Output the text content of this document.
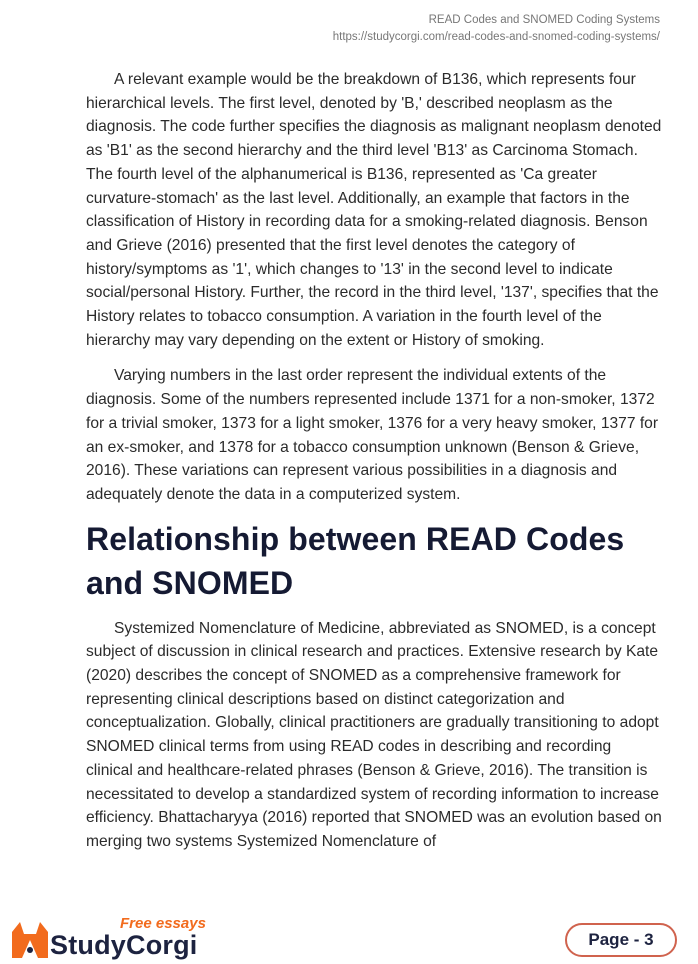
READ Codes and SNOMED Coding Systems
https://studycorgi.com/read-codes-and-snomed-coding-systems/

A relevant example would be the breakdown of B136, which represents four hierarchical levels. The first level, denoted by 'B,' described neoplasm as the diagnosis. The code further specifies the diagnosis as malignant neoplasm denoted as 'B1' as the second hierarchy and the third level 'B13' as Carcinoma Stomach. The fourth level of the alphanumerical is B136, represented as 'Ca greater curvature-stomach' as the last level. Additionally, an example that factors in the classification of History in recording data for a smoking-related diagnosis. Benson and Grieve (2016) presented that the first level denotes the category of history/symptoms as '1', which changes to '13' in the second level to indicate social/personal History. Further, the record in the third level, '137', specifies that the History relates to tobacco consumption. A variation in the fourth level of the hierarchy may vary depending on the extent or History of smoking.

Varying numbers in the last order represent the individual extents of the diagnosis. Some of the numbers represented include 1371 for a non-smoker, 1372 for a trivial smoker, 1373 for a light smoker, 1376 for a very heavy smoker, 1377 for an ex-smoker, and 1378 for a tobacco consumption unknown (Benson & Grieve, 2016). These variations can represent various possibilities in a diagnosis and adequately denote the data in a computerized system.

Relationship between READ Codes and SNOMED

Systemized Nomenclature of Medicine, abbreviated as SNOMED, is a concept subject of discussion in clinical research and practices. Extensive research by Kate (2020) describes the concept of SNOMED as a comprehensive framework for representing clinical descriptions based on distinct categorization and conceptualization. Globally, clinical practitioners are gradually transitioning to adopt SNOMED clinical terms from using READ codes in describing and recording clinical and healthcare-related phrases (Benson & Grieve, 2016). The transition is necessitated to develop a standardized system of recording information to increase efficiency. Bhattacharyya (2016) reported that SNOMED was an evolution based on merging two systems Systemized Nomenclature of

Free essays
StudyCorgi	Page - 3
